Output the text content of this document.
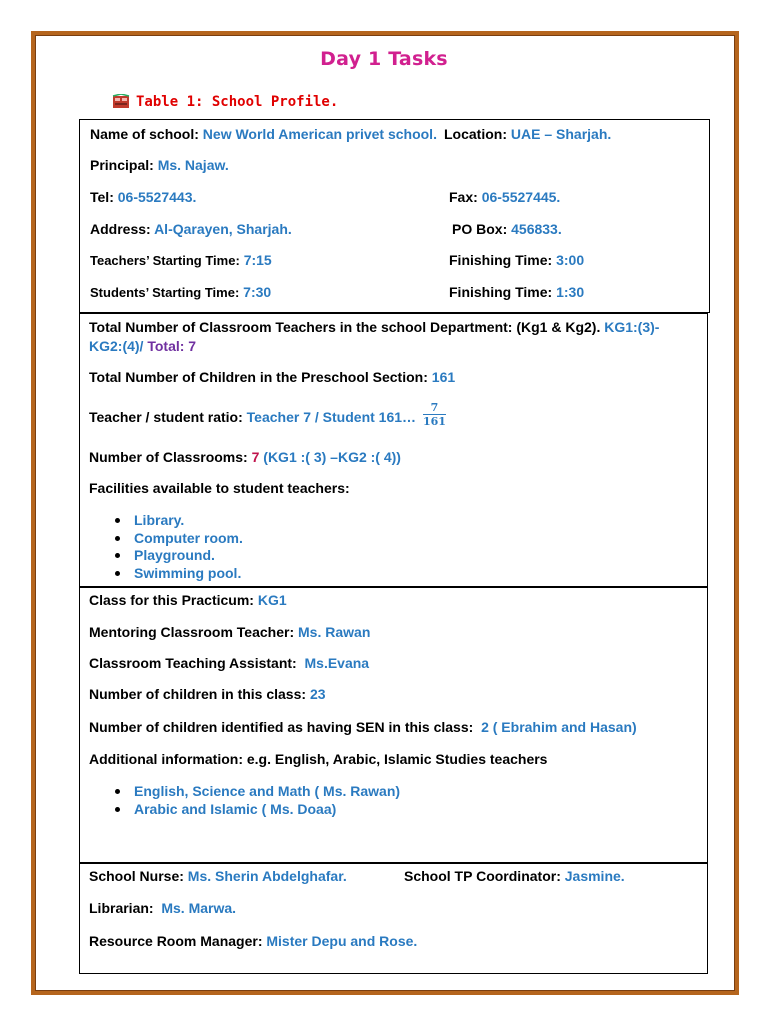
Day 1 Tasks
Table 1: School Profile.
Name of school: New World American privet school. Location: UAE – Sharjah.
Principal: Ms. Najaw.
Tel: 06-5527443.	Fax: 06-5527445.
Address: Al-Qarayen, Sharjah.	PO Box: 456833.
Teachers’ Starting Time: 7:15	Finishing Time: 3:00
Students’ Starting Time: 7:30	Finishing Time: 1:30
Total Number of Classroom Teachers in the school Department: (Kg1 & Kg2). KG1:(3)-
KG2:(4)/ Total: 7
Total Number of Children in the Preschool Section: 161
Teacher / student ratio: Teacher 7 / Student 161… $\frac{7}{161}$
Number of Classrooms: 7 (KG1 :( 3) –KG2 :( 4))
Facilities available to student teachers:
Library.
Computer room.
Playground.
Swimming pool.
Class for this Practicum: KG1
Mentoring Classroom Teacher: Ms. Rawan
Classroom Teaching Assistant: Ms.Evana
Number of children in this class: 23
Number of children identified as having SEN in this class: 2 ( Ebrahim and Hasan)
Additional information: e.g. English, Arabic, Islamic Studies teachers
English, Science and Math ( Ms. Rawan)
Arabic and Islamic ( Ms. Doaa)
School Nurse: Ms. Sherin Abdelghafar.	School TP Coordinator: Jasmine.
Librarian: Ms. Marwa.
Resource Room Manager: Mister Depu and Rose.
